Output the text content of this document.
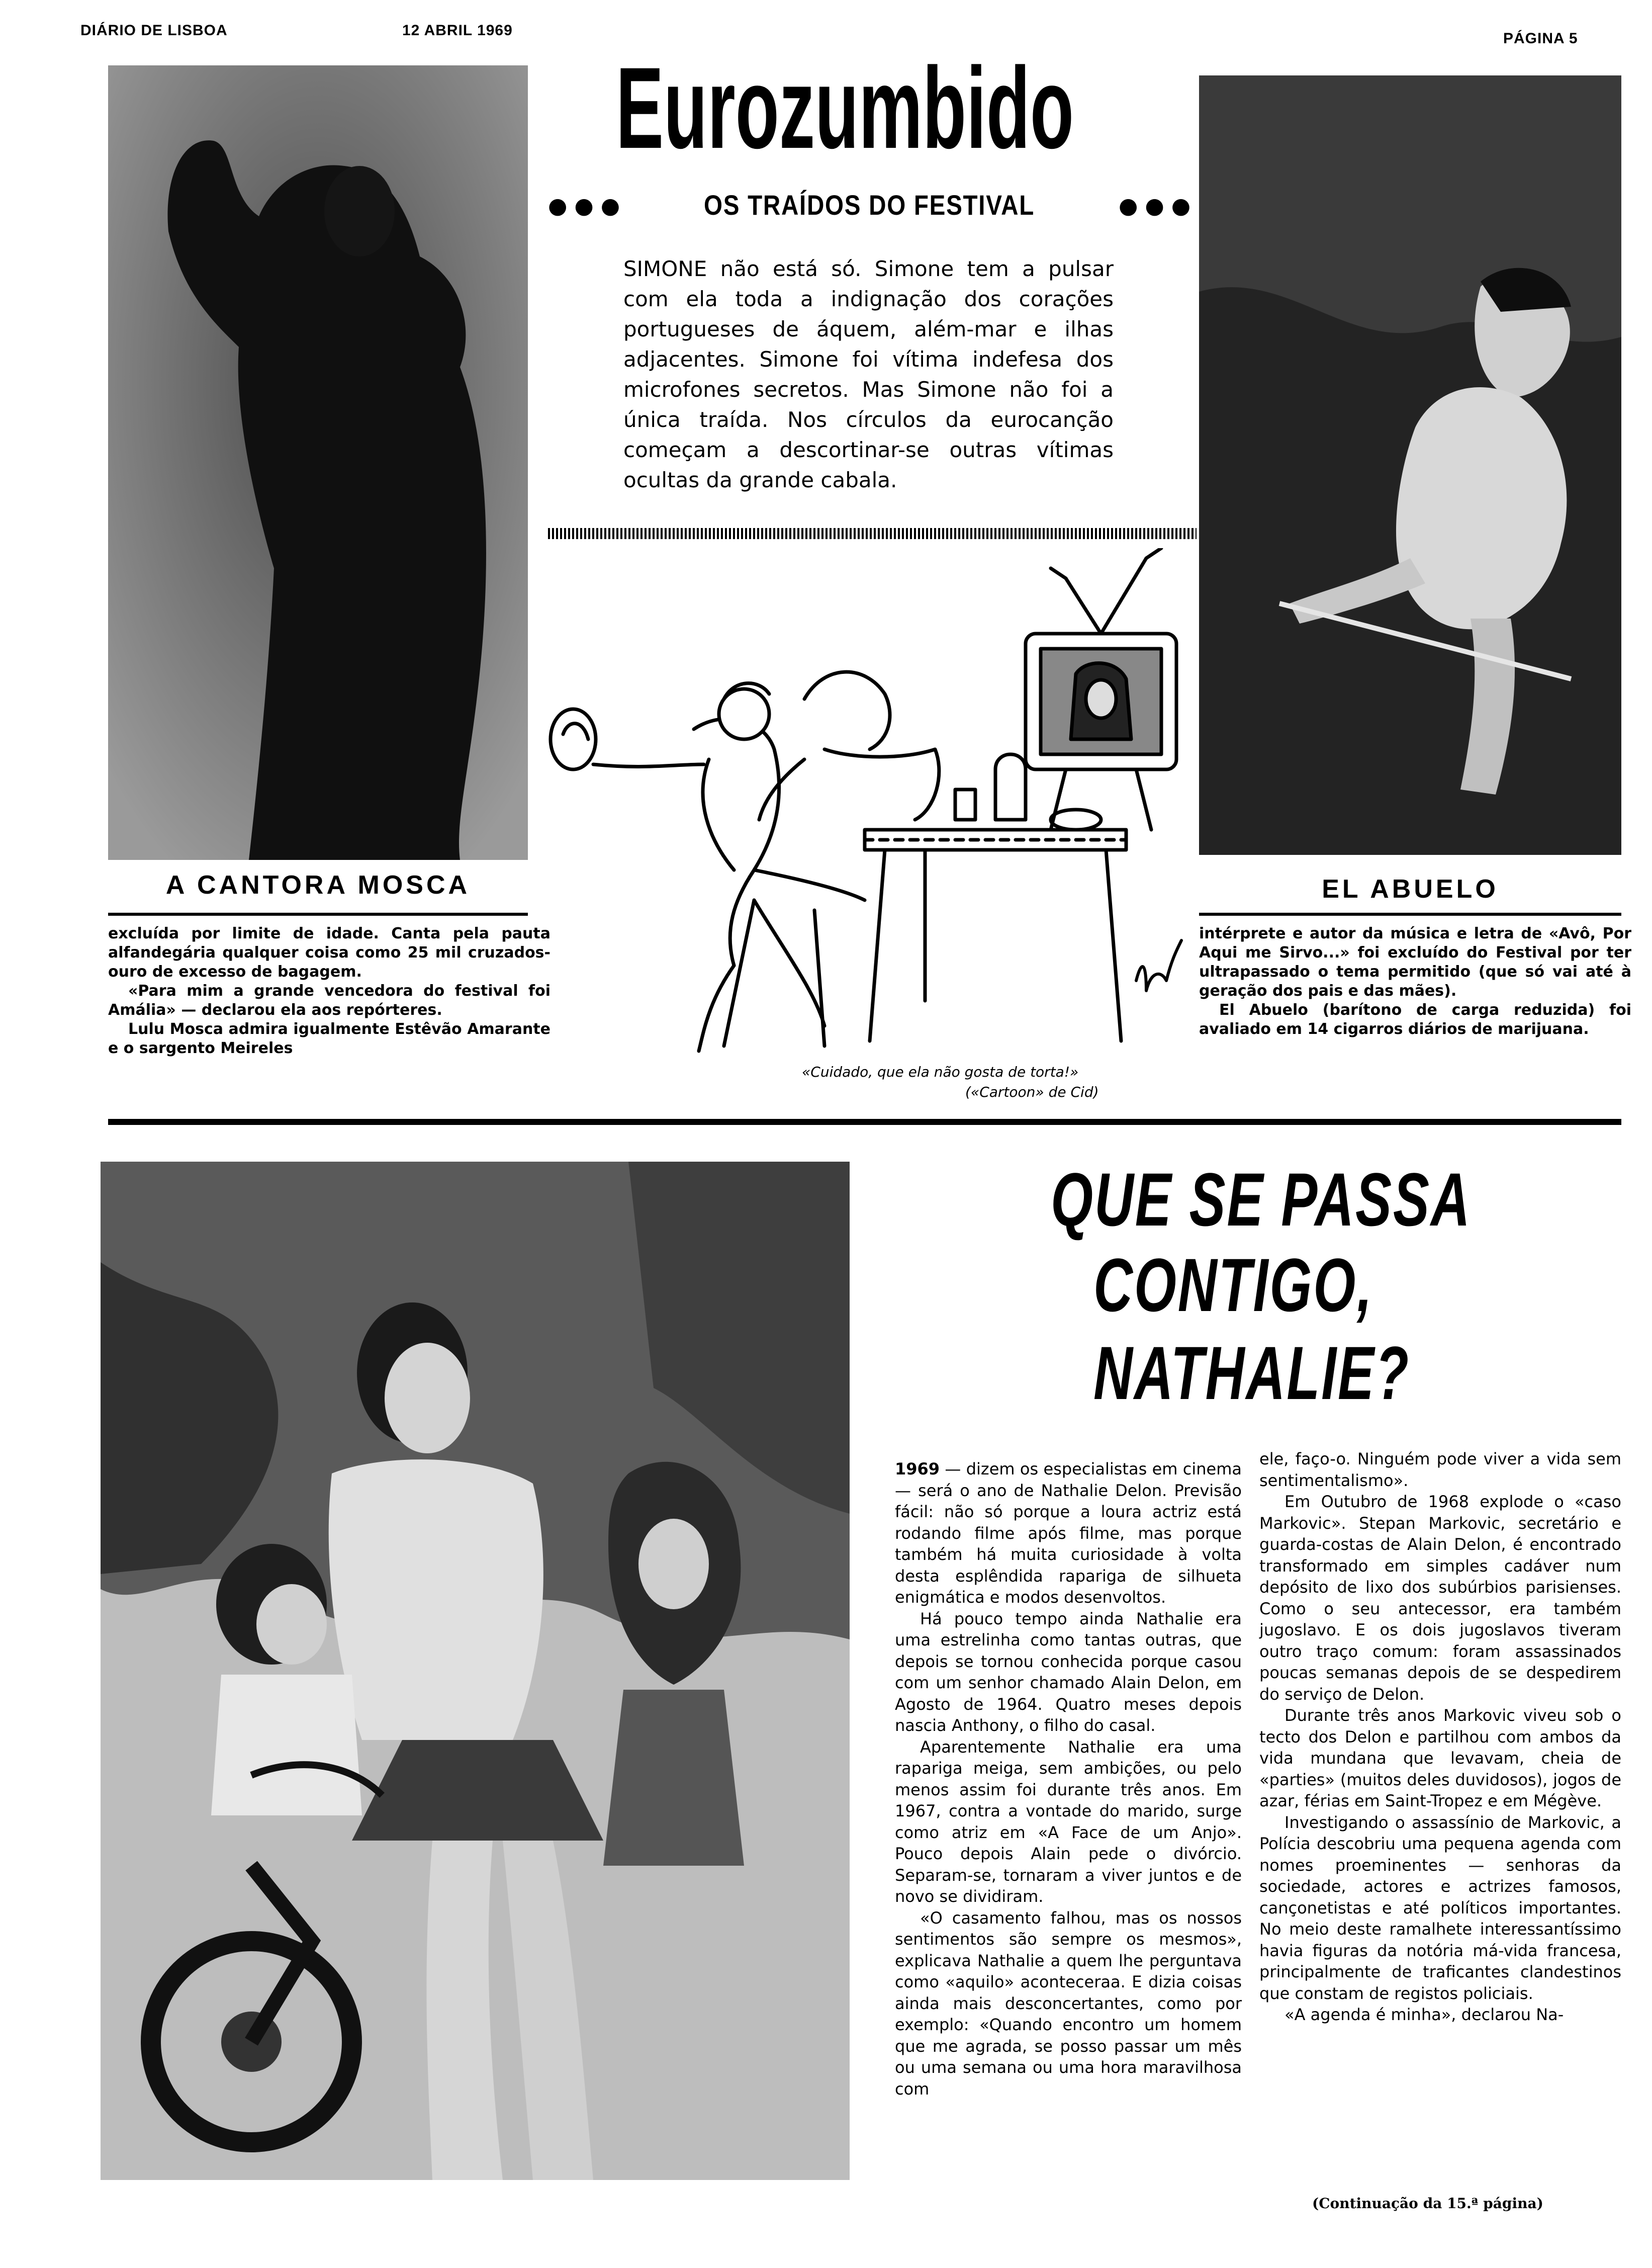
DIÁRIO DE LISBOA	12 ABRIL 1969	PÁGINA 5
Eurozumbido
●●●	OS TRAÍDOS DO FESTIVAL	●●●
SIMONE não está só. Simone tem a pulsar com ela toda a indignação dos corações portugueses de áquem, além-mar e ilhas adjacentes. Simone foi vítima indefesa dos microfones secretos. Mas Simone não foi a única traída. Nos círculos da eurocanção começam a descortinar-se outras vítimas ocultas da grande cabala.
«Cuidado, que ela não gosta de torta!»
(«Cartoon» de Cid)
A CANTORA MOSCA

excluída por limite de idade. Canta pela pauta alfandegária qualquer coisa como 25 mil cruzados-ouro de excesso de bagagem.

«Para mim a grande vencedora do festival foi Amália» — declarou ela aos repórteres.

Lulu Mosca admira igualmente Estêvão Amarante e o sargento Meireles

EL ABUELO

intérprete e autor da música e letra de «Avô, Por Aqui me Sirvo...» foi excluído do Festival por ter ultrapassado o tema permitido (que só vai até à geração dos pais e das mães).

El Abuelo (barítono de carga reduzida) foi avaliado em 14 cigarros diários de marijuana.

QUE SE PASSA
CONTIGO,
NATHALIE?

1969 — dizem os especialistas em cinema — será o ano de Nathalie Delon. Previsão fácil: não só porque a loura actriz está rodando filme após filme, mas porque também há muita curiosidade à volta desta esplêndida rapariga de silhueta enigmática e modos desenvoltos.

Há pouco tempo ainda Nathalie era uma estrelinha como tantas outras, que depois se tornou conhecida porque casou com um senhor chamado Alain Delon, em Agosto de 1964. Quatro meses depois nascia Anthony, o filho do casal.

Aparentemente Nathalie era uma rapariga meiga, sem ambições, ou pelo menos assim foi durante três anos. Em 1967, contra a vontade do marido, surge como atriz em «A Face de um Anjo». Pouco depois Alain pede o divórcio. Separam-se, tornaram a viver juntos e de novo se dividiram.

«O casamento falhou, mas os nossos sentimentos são sempre os mesmos», explicava Nathalie a quem lhe perguntava como «aquilo» aconteceraa. E dizia coisas ainda mais desconcertantes, como por exemplo: «Quando encontro um homem que me agrada, se posso passar um mês ou uma semana ou uma hora maravilhosa com

ele, faço-o. Ninguém pode viver a vida sem sentimentalismo».

Em Outubro de 1968 explode o «caso Markovic». Stepan Markovic, secretário e guarda-costas de Alain Delon, é encontrado transformado em simples cadáver num depósito de lixo dos subúrbios parisienses. Como o seu antecessor, era também jugoslavo. E os dois jugoslavos tiveram outro traço comum: foram assassinados poucas semanas depois de se despedirem do serviço de Delon.

Durante três anos Markovic viveu sob o tecto dos Delon e partilhou com ambos da vida mundana que levavam, cheia de «parties» (muitos deles duvidosos), jogos de azar, férias em Saint-Tropez e em Mégève.

Investigando o assassínio de Markovic, a Polícia descobriu uma pequena agenda com nomes proeminentes — senhoras da sociedade, actores e actrizes famosos, cançonetistas e até políticos importantes. No meio deste ramalhete interessantíssimo havia figuras da notória má-vida francesa, principalmente de traficantes clandestinos que constam de registos policiais.

«A agenda é minha», declarou Na-

(Continuação da 15.ª página)
